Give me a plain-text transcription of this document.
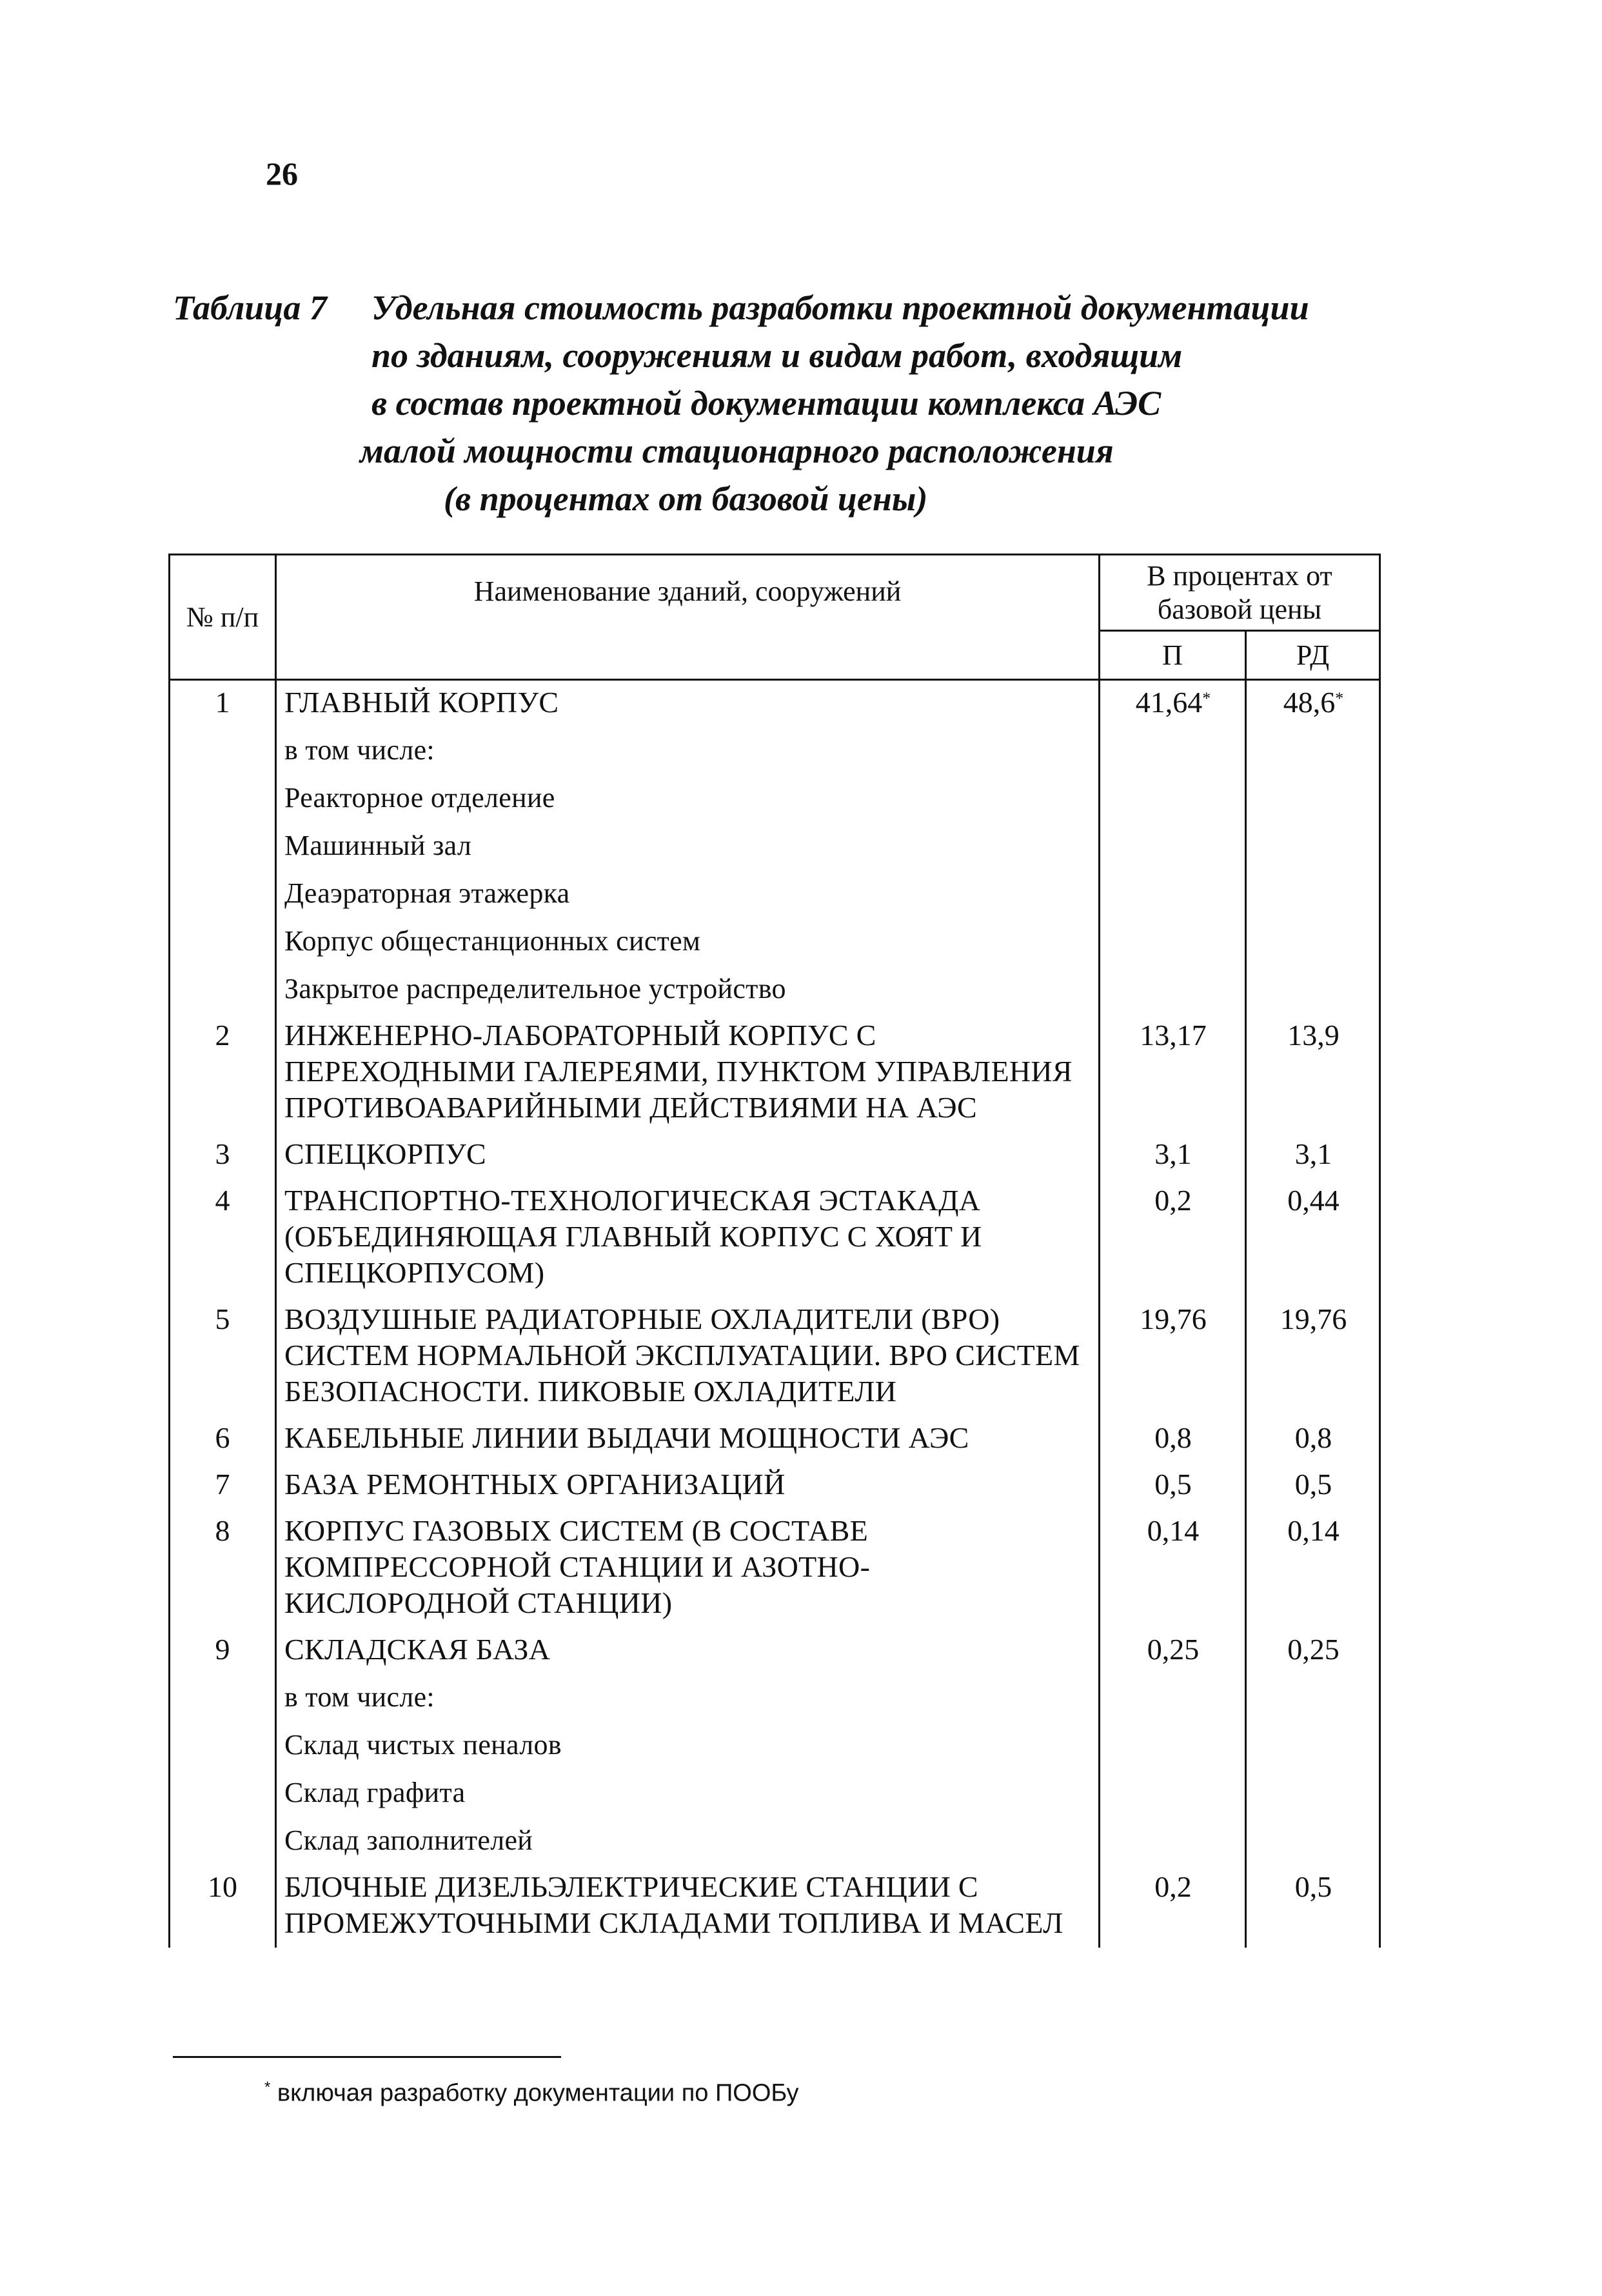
26
Таблица 7 Удельная стоимость разработки проектной документации
по зданиям, сооружениям и видам работ, входящим
в состав проектной документации комплекса АЭС
малой мощности стационарного расположения
(в процентах от базовой цены)
№ п/п	Наименование зданий, сооружений	В процентах от базовой цены	
		П	РД
1	ГЛАВНЫЙ КОРПУС	41,64*	48,6*
	в том числе:		
	Реакторное отделение		
	Машинный зал		
	Деаэраторная этажерка		
	Корпус общестанционных систем		
	Закрытое распределительное устройство		
2	ИНЖЕНЕРНО-ЛАБОРАТОРНЫЙ КОРПУС С ПЕРЕХОДНЫМИ ГАЛЕРЕЯМИ, ПУНКТОМ УПРАВЛЕНИЯ ПРОТИВОАВАРИЙНЫМИ ДЕЙСТВИЯМИ НА АЭС	13,17	13,9
3	СПЕЦКОРПУС	3,1	3,1
4	ТРАНСПОРТНО-ТЕХНОЛОГИЧЕСКАЯ ЭСТАКАДА (ОБЪЕДИНЯЮЩАЯ ГЛАВНЫЙ КОРПУС С ХОЯТ И СПЕЦКОРПУСОМ)	0,2	0,44
5	ВОЗДУШНЫЕ РАДИАТОРНЫЕ ОХЛАДИТЕЛИ (ВРО) СИСТЕМ НОРМАЛЬНОЙ ЭКСПЛУАТАЦИИ. ВРО СИСТЕМ БЕЗОПАСНОСТИ. ПИКОВЫЕ ОХЛАДИТЕЛИ	19,76	19,76
6	КАБЕЛЬНЫЕ ЛИНИИ ВЫДАЧИ МОЩНОСТИ АЭС	0,8	0,8
7	БАЗА РЕМОНТНЫХ ОРГАНИЗАЦИЙ	0,5	0,5
8	КОРПУС ГАЗОВЫХ СИСТЕМ (В СОСТАВЕ КОМПРЕССОРНОЙ СТАНЦИИ И АЗОТНО-КИСЛОРОДНОЙ СТАНЦИИ)	0,14	0,14
9	СКЛАДСКАЯ БАЗА	0,25	0,25
	в том числе:		
	Склад чистых пеналов		
	Склад графита		
	Склад заполнителей		
10	БЛОЧНЫЕ ДИЗЕЛЬЭЛЕКТРИЧЕСКИЕ СТАНЦИИ С ПРОМЕЖУТОЧНЫМИ СКЛАДАМИ ТОПЛИВА И МАСЕЛ	0,2	0,5
* включая разработку документации по ПООБу
